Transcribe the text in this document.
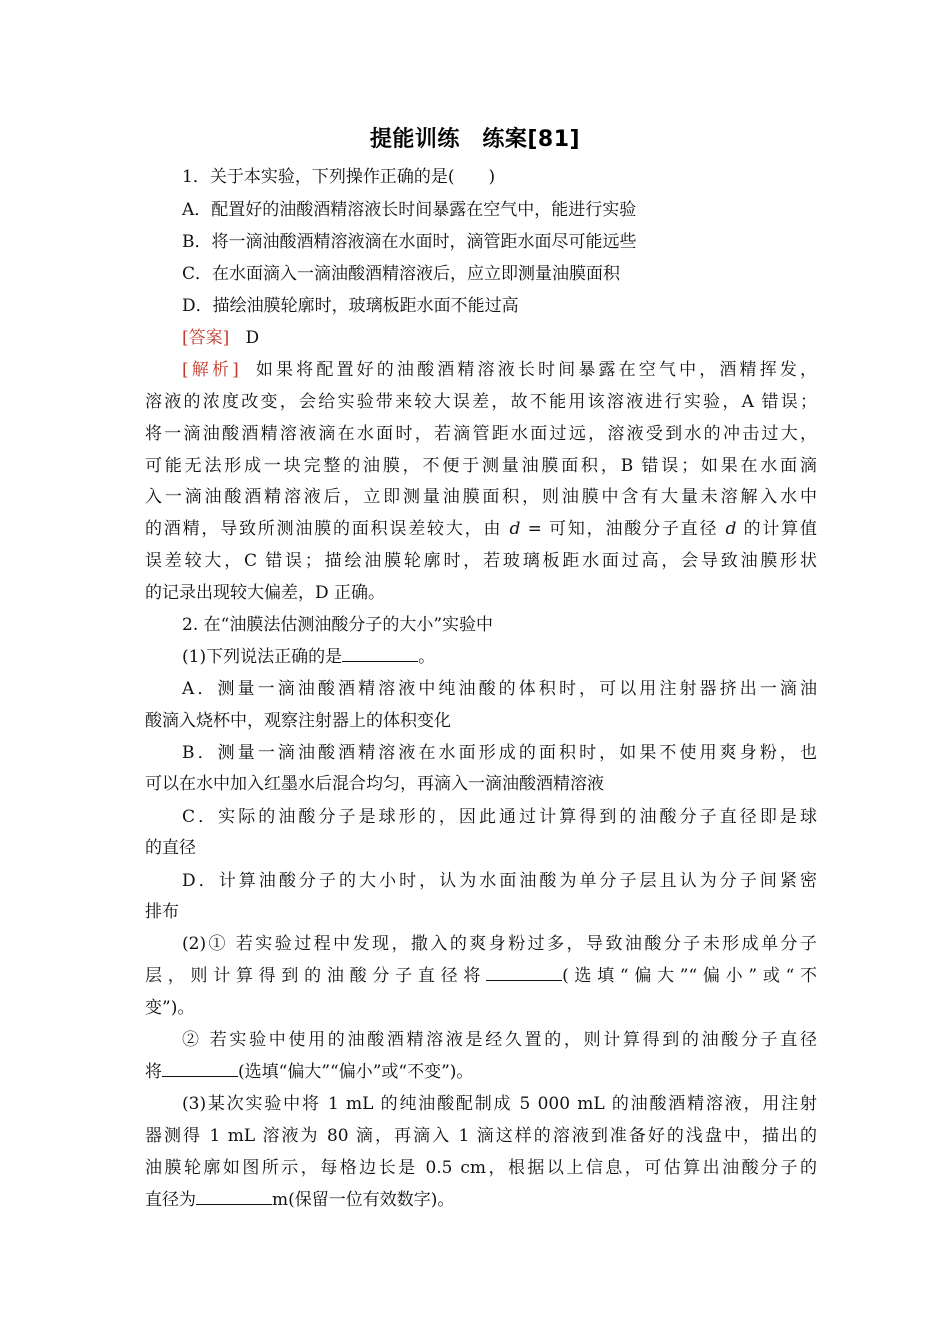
提能训练　练案[81]
1．关于本实验，下列操作正确的是(　　)
A．配置好的油酸酒精溶液长时间暴露在空气中，能进行实验
B．将一滴油酸酒精溶液滴在水面时，滴管距水面尽可能远些
C．在水面滴入一滴油酸酒精溶液后，应立即测量油膜面积
D．描绘油膜轮廓时，玻璃板距水面不能过高
[答案] D
[解析] 如果将配置好的油酸酒精溶液长时间暴露在空气中，酒精挥发，
溶液的浓度改变，会给实验带来较大误差，故不能用该溶液进行实验，A 错误；
将一滴油酸酒精溶液滴在水面时，若滴管距水面过远，溶液受到水的冲击过大，
可能无法形成一块完整的油膜，不便于测量油膜面积，B 错误；如果在水面滴
入一滴油酸酒精溶液后，立即测量油膜面积，则油膜中含有大量未溶解入水中
的酒精，导致所测油膜的面积误差较大，由 d = 可知，油酸分子直径 d 的计算值
误差较大，C 错误；描绘油膜轮廓时，若玻璃板距水面过高，会导致油膜形状
的记录出现较大偏差，D 正确。
2. 在“油膜法估测油酸分子的大小”实验中
(1)下列说法正确的是	。
A．测量一滴油酸酒精溶液中纯油酸的体积时，可以用注射器挤出一滴油
酸滴入烧杯中，观察注射器上的体积变化
B．测量一滴油酸酒精溶液在水面形成的面积时，如果不使用爽身粉，也
可以在水中加入红墨水后混合均匀，再滴入一滴油酸酒精溶液
C．实际的油酸分子是球形的，因此通过计算得到的油酸分子直径即是球
的直径
D．计算油酸分子的大小时，认为水面油酸为单分子层且认为分子间紧密
排布
(2)① 若实验过程中发现，撒入的爽身粉过多，导致油酸分子未形成单分子
层，则计算得到的油酸分子直径将	(选填“偏大”“偏小”或“不
变”)。
② 若实验中使用的油酸酒精溶液是经久置的，则计算得到的油酸分子直径
将	(选填“偏大”“偏小”或“不变”)。
(3)某次实验中将 1 mL 的纯油酸配制成 5 000 mL 的油酸酒精溶液，用注射
器测得 1 mL 溶液为 80 滴，再滴入 1 滴这样的溶液到准备好的浅盘中，描出的
油膜轮廓如图所示，每格边长是 0.5 cm，根据以上信息，可估算出油酸分子的
直径为	m(保留一位有效数字)。
